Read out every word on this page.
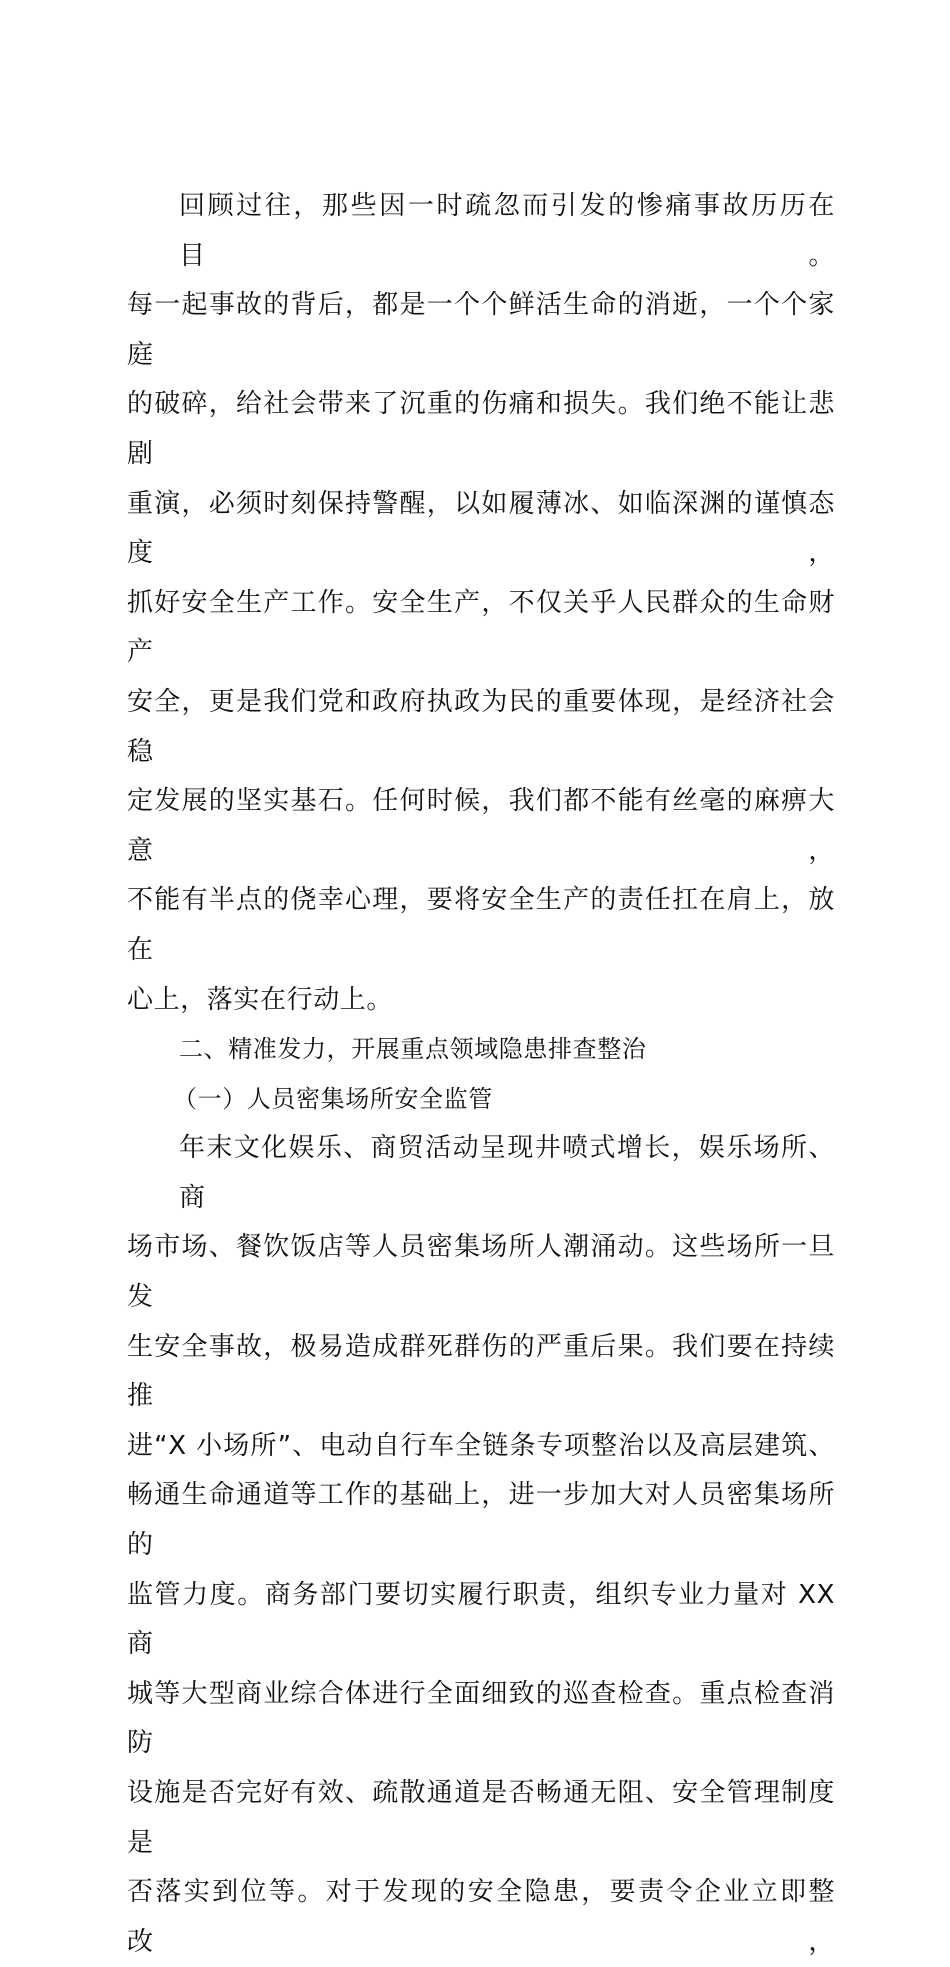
回顾过往，那些因一时疏忽而引发的惨痛事故历历在目。
每一起事故的背后，都是一个个鲜活生命的消逝，一个个家庭
的破碎，给社会带来了沉重的伤痛和损失。我们绝不能让悲剧
重演，必须时刻保持警醒，以如履薄冰、如临深渊的谨慎态度，
抓好安全生产工作。安全生产，不仅关乎人民群众的生命财产
安全，更是我们党和政府执政为民的重要体现，是经济社会稳
定发展的坚实基石。任何时候，我们都不能有丝毫的麻痹大意，
不能有半点的侥幸心理，要将安全生产的责任扛在肩上，放在
心上，落实在行动上。

二、精准发力，开展重点领域隐患排查整治

（一）人员密集场所安全监管

年末文化娱乐、商贸活动呈现井喷式增长，娱乐场所、商
场市场、餐饮饭店等人员密集场所人潮涌动。这些场所一旦发
生安全事故，极易造成群死群伤的严重后果。我们要在持续推
进“X 小场所”、电动自行车全链条专项整治以及高层建筑、
畅通生命通道等工作的基础上，进一步加大对人员密集场所的
监管力度。商务部门要切实履行职责，组织专业力量对 XX 商
城等大型商业综合体进行全面细致的巡查检查。重点检查消防
设施是否完好有效、疏散通道是否畅通无阻、安全管理制度是
否落实到位等。对于发现的安全隐患，要责令企业立即整改，
